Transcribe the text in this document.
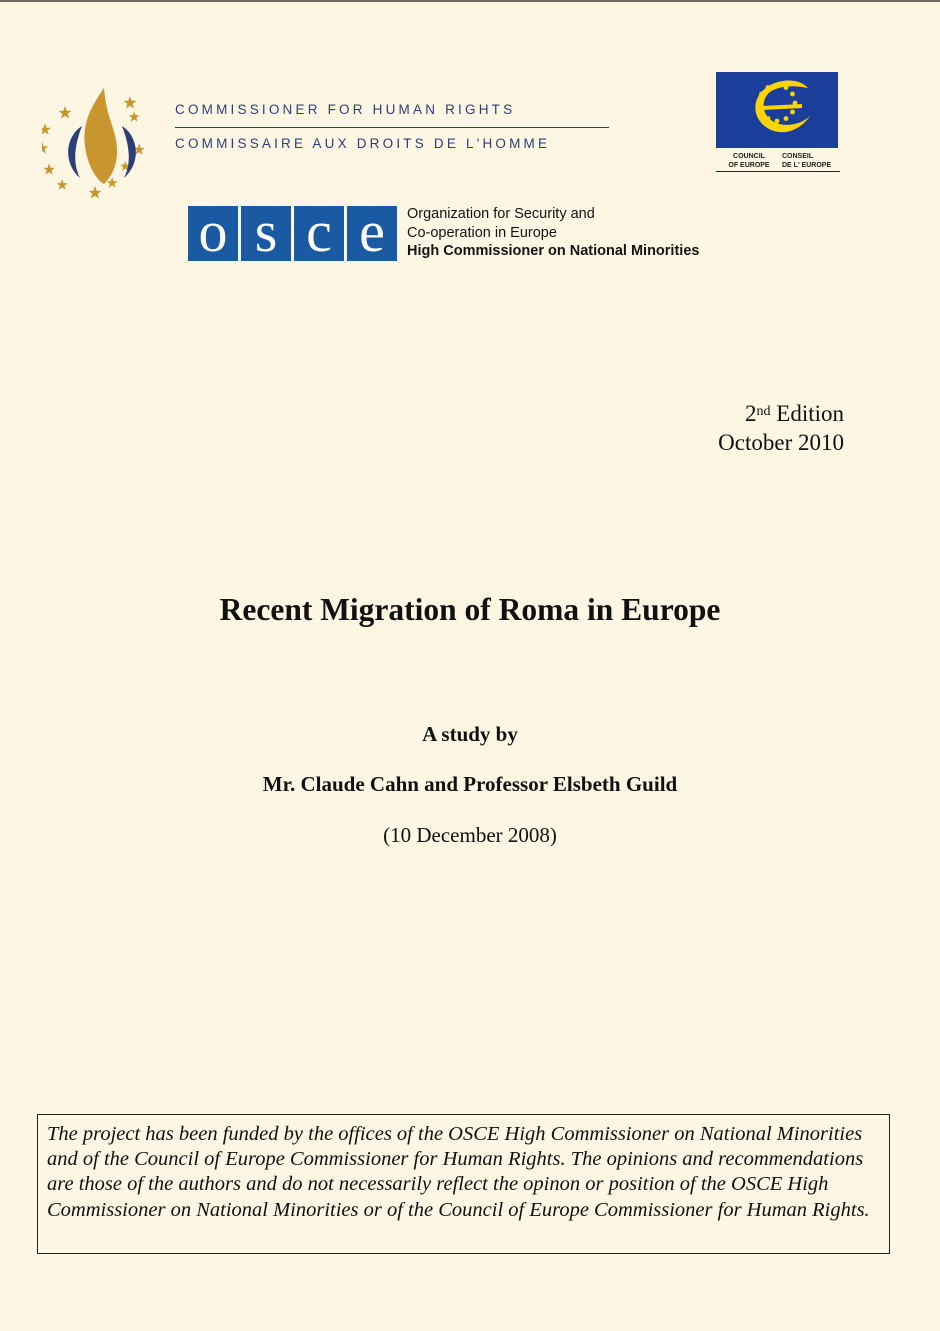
COMMISSIONER FOR HUMAN RIGHTS
COMMISSAIRE AUX DROITS DE L'HOMME
COUNCIL
OF EUROPE
CONSEIL
DE L' EUROPE
o s c e	Organization for Security and
Co-operation in Europe
High Commissioner on National Minorities
2nd Edition
October 2010
Recent Migration of Roma in Europe
A study by
Mr. Claude Cahn and Professor Elsbeth Guild
(10 December 2008)
The project has been funded by the offices of the OSCE High Commissioner on National Minorities and of the Council of Europe Commissioner for Human Rights. The opinions and recommendations are those of the authors and do not necessarily reflect the opinon or position of the OSCE High Commissioner on National Minorities or of the Council of Europe Commissioner for Human Rights.
